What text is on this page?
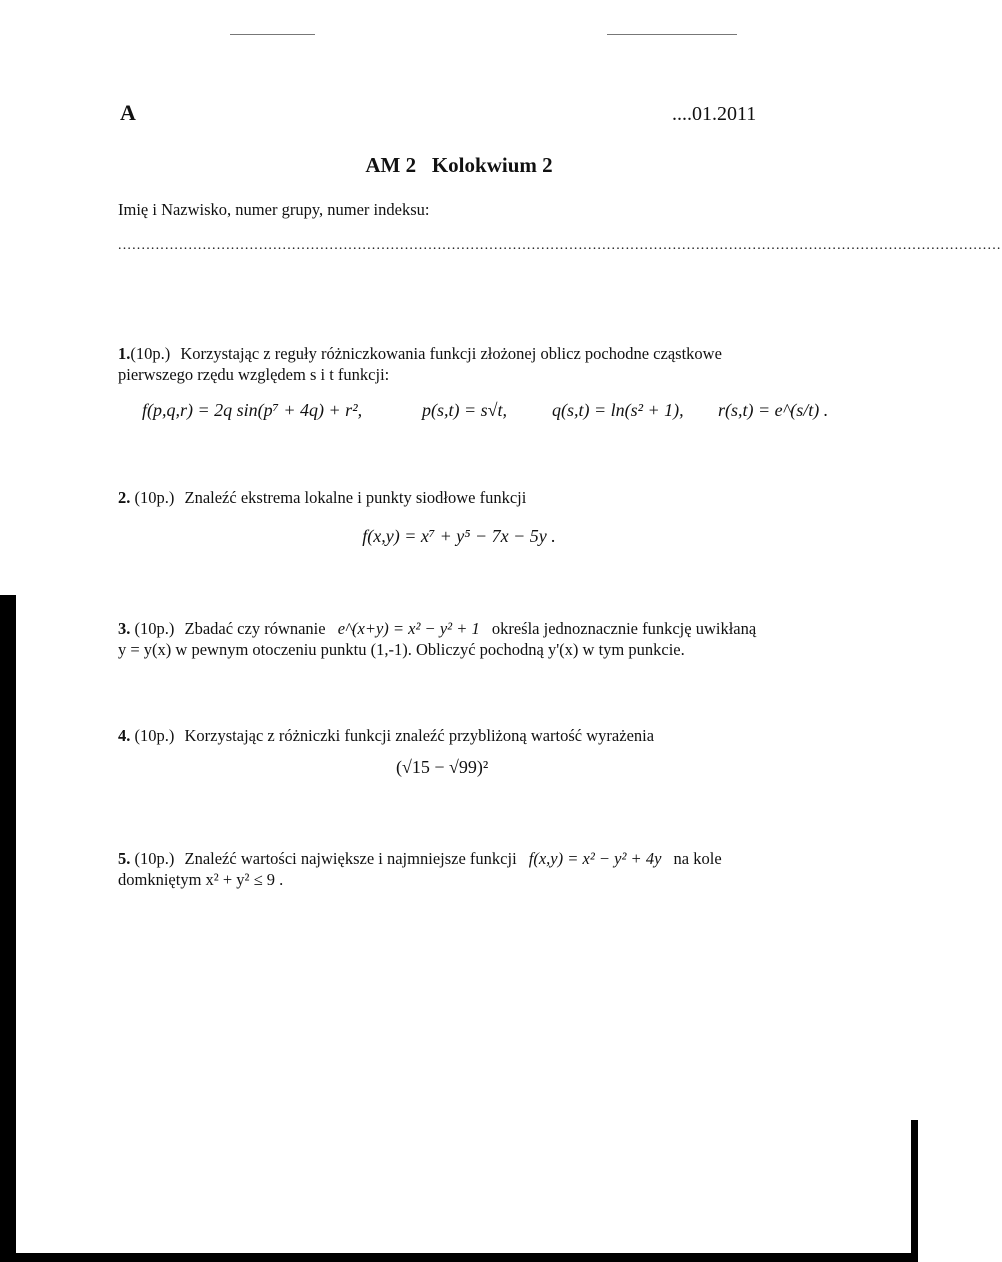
A	....01.2011
AM 2   Kolokwium 2
Imię i Nazwisko, numer grupy, numer indeksu:
............................................................................................................................................................................................
1.(10p.) Korzystając z reguły różniczkowania funkcji złożonej oblicz pochodne cząstkowe
pierwszego rzędu względem s i t funkcji:
f(p,q,r) = 2q sin(p⁷ + 4q) + r²,	p(s,t) = s√t, q(s,t) = ln(s² + 1), r(s,t) = e^(s/t) .
2. (10p.) Znaleźć ekstrema lokalne i punkty siodłowe funkcji
f(x,y) = x⁷ + y⁵ − 7x − 5y .
3. (10p.) Zbadać czy równanie e^(x+y) = x² − y² + 1 określa jednoznacznie funkcję uwikłaną
y = y(x) w pewnym otoczeniu punktu (1,-1). Obliczyć pochodną y'(x) w tym punkcie.
4. (10p.) Korzystając z różniczki funkcji znaleźć przybliżoną wartość wyrażenia
(√15 − √99)²
5. (10p.) Znaleźć wartości największe i najmniejsze funkcji f(x,y) = x² − y² + 4y na kole
domkniętym x² + y² ≤ 9 .
